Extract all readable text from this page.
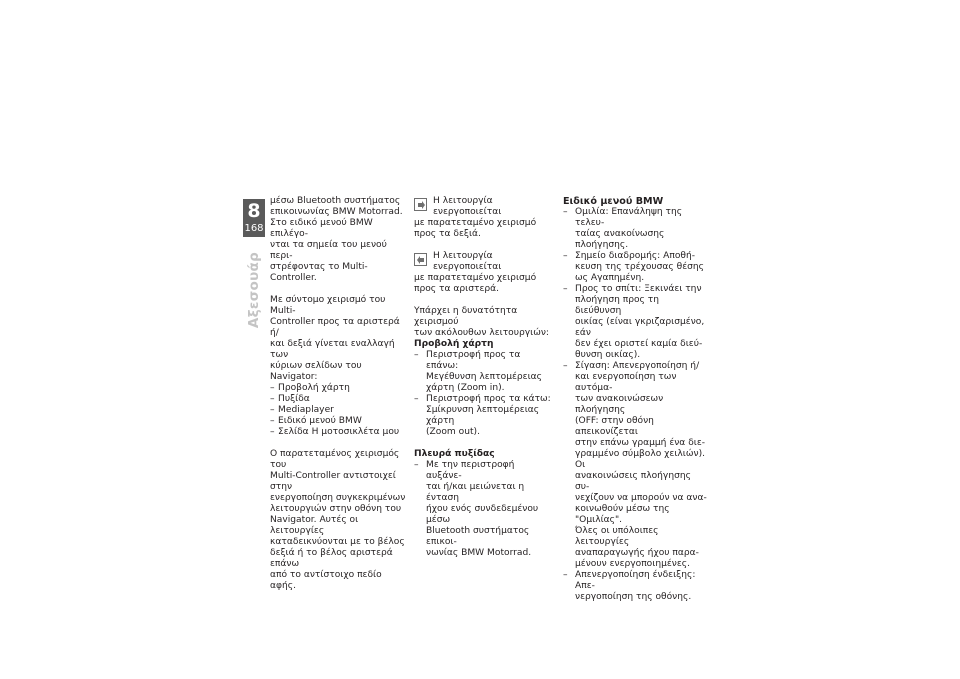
8
168
Αξεσουάρ

μέσω Bluetooth συστήματος
επικοινωνίας BMW Motorrad.
Στο ειδικό μενού BMW επιλέγο-
νται τα σημεία του μενού περι-
στρέφοντας το Multi-Controller.

Με σύντομο χειρισμό του Multi-
Controller προς τα αριστερά ή/
και δεξιά γίνεται εναλλαγή των
κύριων σελίδων του Navigator:

– Προβολή χάρτη
– Πυξίδα
– Mediaplayer
– Ειδικό μενού BMW
– Σελίδα Η μοτοσικλέτα μου

Ο παρατεταμένος χειρισμός του
Multi-Controller αντιστοιχεί στην
ενεργοποίηση συγκεκριμένων
λειτουργιών στην οθόνη του
Navigator. Αυτές οι λειτουργίες
καταδεικνύονται με το βέλος
δεξιά ή το βέλος αριστερά επάνω
από το αντίστοιχο πεδίο αφής.

Η λειτουργία ενεργοποιείται
με παρατεταμένο χειρισμό
προς τα δεξιά.
Η λειτουργία ενεργοποιείται
με παρατεταμένο χειρισμό
προς τα αριστερά.

Υπάρχει η δυνατότητα χειρισμού
των ακόλουθων λειτουργιών:

Προβολή χάρτη
– Περιστροφή προς τα επάνω:
Μεγέθυνση λεπτομέρειας
χάρτη (Zoom in).
– Περιστροφή προς τα κάτω:
Σμίκρυνση λεπτομέρειας χάρτη
(Zoom out).
Πλευρά πυξίδας
– Με την περιστροφή αυξάνε-
ται ή/και μειώνεται η ένταση
ήχου ενός συνδεδεμένου μέσω
Bluetooth συστήματος επικοι-
νωνίας BMW Motorrad.
Ειδικό μενού BMW
– Ομιλία: Επανάληψη της τελευ-
ταίας ανακοίνωσης πλοήγησης.
– Σημείο διαδρομής: Αποθή-
κευση της τρέχουσας θέσης
ως Αγαπημένη.
– Προς το σπίτι: Ξεκινάει την
πλοήγηση προς τη διεύθυνση
οικίας (είναι γκριζαρισμένο, εάν
δεν έχει οριστεί καμία διεύ-
θυνση οικίας).
– Σίγαση: Απενεργοποίηση ή/
και ενεργοποίηση των αυτόμα-
των ανακοινώσεων πλοήγησης
(OFF: στην οθόνη απεικονίζεται
στην επάνω γραμμή ένα διε-
γραμμένο σύμβολο χειλιών). Οι
ανακοινώσεις πλοήγησης συ-
νεχίζουν να μπορούν να ανα-
κοινωθούν μέσω της "Ομιλίας".
Όλες οι υπόλοιπες λειτουργίες
αναπαραγωγής ήχου παρα-
μένουν ενεργοποιημένες.
– Απενεργοποίηση ένδειξης: Απε-
νεργοποίηση της οθόνης.
